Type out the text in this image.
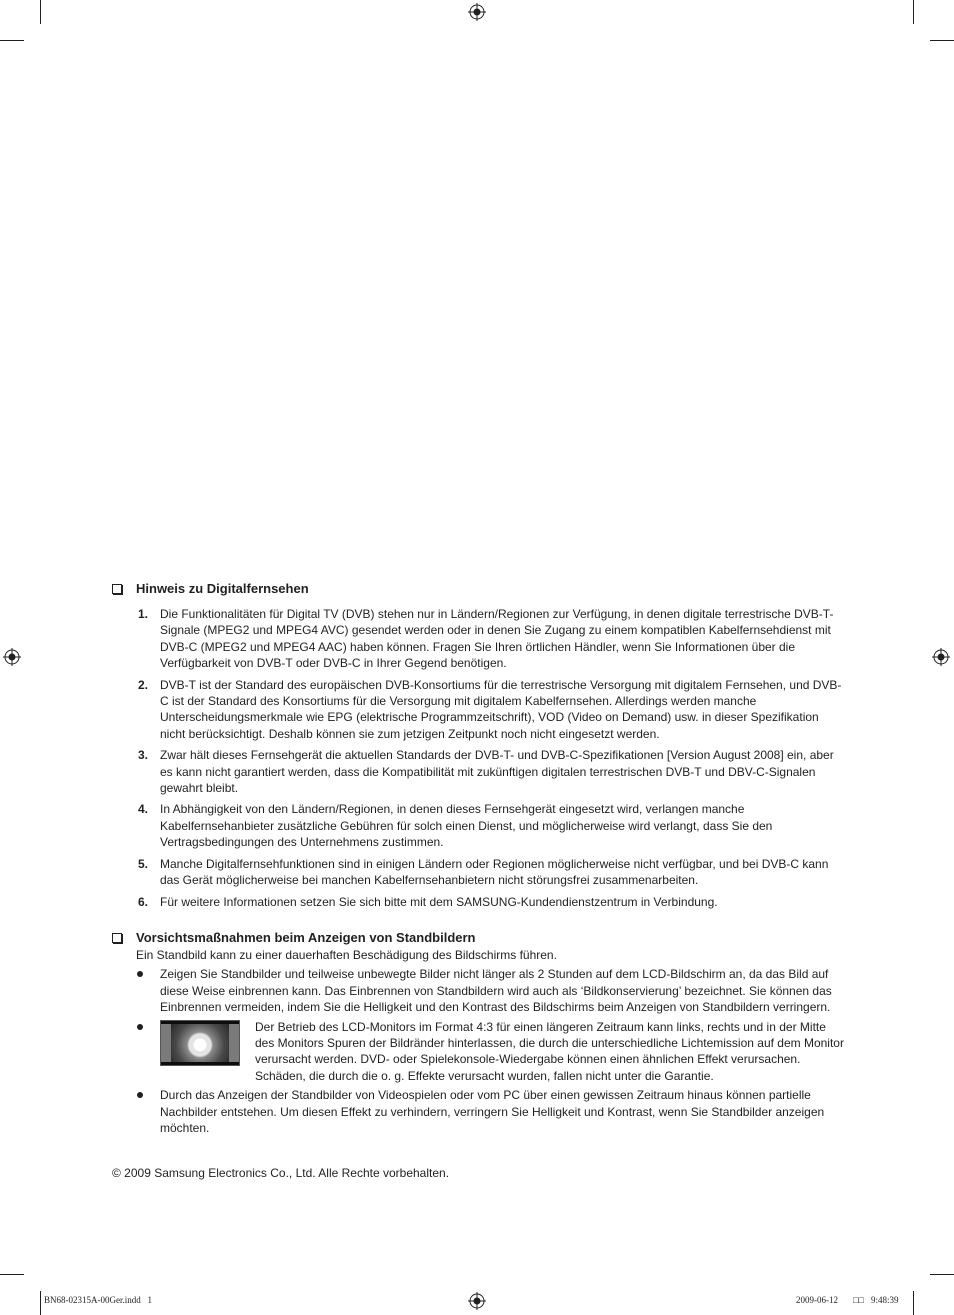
Hinweis zu Digitalfernsehen
1. Die Funktionalitäten für Digital TV (DVB) stehen nur in Ländern/Regionen zur Verfügung, in denen digitale terrestrische DVB-T-Signale (MPEG2 und MPEG4 AVC) gesendet werden oder in denen Sie Zugang zu einem kompatiblen Kabelfernsehdienst mit DVB-C (MPEG2 und MPEG4 AAC) haben können. Fragen Sie Ihren örtlichen Händler, wenn Sie Informationen über die Verfügbarkeit von DVB-T oder DVB-C in Ihrer Gegend benötigen.
2. DVB-T ist der Standard des europäischen DVB-Konsortiums für die terrestrische Versorgung mit digitalem Fernsehen, und DVB-C ist der Standard des Konsortiums für die Versorgung mit digitalem Kabelfernsehen. Allerdings werden manche Unterscheidungsmerkmale wie EPG (elektrische Programmzeitschrift), VOD (Video on Demand) usw. in dieser Spezifikation nicht berücksichtigt. Deshalb können sie zum jetzigen Zeitpunkt noch nicht eingesetzt werden.
3. Zwar hält dieses Fernsehgerät die aktuellen Standards der DVB-T- und DVB-C-Spezifikationen [Version August 2008] ein, aber es kann nicht garantiert werden, dass die Kompatibilität mit zukünftigen digitalen terrestrischen DVB-T und DBV-C-Signalen gewahrt bleibt.
4. In Abhängigkeit von den Ländern/Regionen, in denen dieses Fernsehgerät eingesetzt wird, verlangen manche Kabelfernsehanbieter zusätzliche Gebühren für solch einen Dienst, und möglicherweise wird verlangt, dass Sie den Vertragsbedingungen des Unternehmens zustimmen.
5. Manche Digitalfernsehfunktionen sind in einigen Ländern oder Regionen möglicherweise nicht verfügbar, und bei DVB-C kann das Gerät möglicherweise bei manchen Kabelfernsehanbietern nicht störungsfrei zusammenarbeiten.
6. Für weitere Informationen setzen Sie sich bitte mit dem SAMSUNG-Kundendienstzentrum in Verbindung.
Vorsichtsmaßnahmen beim Anzeigen von Standbildern
Ein Standbild kann zu einer dauerhaften Beschädigung des Bildschirms führen.
Zeigen Sie Standbilder und teilweise unbewegte Bilder nicht länger als 2 Stunden auf dem LCD-Bildschirm an, da das Bild auf diese Weise einbrennen kann. Das Einbrennen von Standbildern wird auch als ‘Bildkonservierung’ bezeichnet. Sie können das Einbrennen vermeiden, indem Sie die Helligkeit und den Kontrast des Bildschirms beim Anzeigen von Standbildern verringern.
Der Betrieb des LCD-Monitors im Format 4:3 für einen längeren Zeitraum kann links, rechts und in der Mitte des Monitors Spuren der Bildränder hinterlassen, die durch die unterschiedliche Lichtemission auf dem Monitor verursacht werden. DVD- oder Spielekonsole-Wiedergabe können einen ähnlichen Effekt verursachen. Schäden, die durch die o. g. Effekte verursacht wurden, fallen nicht unter die Garantie.
Durch das Anzeigen der Standbilder von Videospielen oder vom PC über einen gewissen Zeitraum hinaus können partielle Nachbilder entstehen. Um diesen Effekt zu verhindern, verringern Sie Helligkeit und Kontrast, wenn Sie Standbilder anzeigen möchten.
© 2009 Samsung Electronics Co., Ltd. Alle Rechte vorbehalten.
BN68-02315A-00Ger.indd   1	2009-06-12 □□ 9:48:39
